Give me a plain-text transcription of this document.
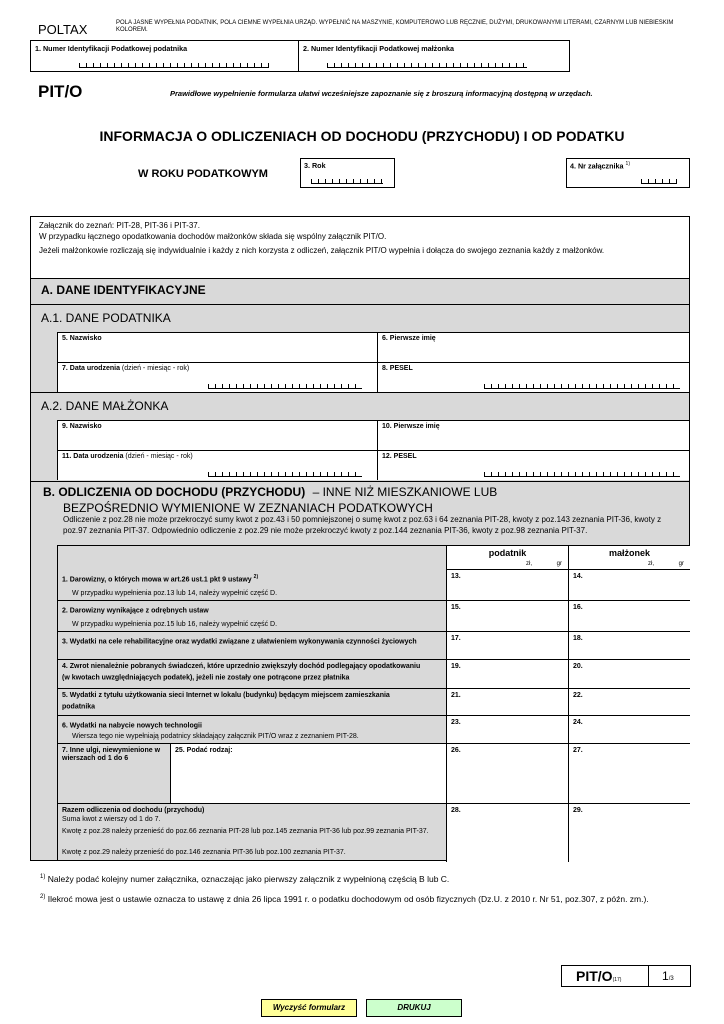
POLTAX	POLA JASNE WYPEŁNIA PODATNIK, POLA CIEMNE WYPEŁNIA URZĄD. WYPEŁNIĆ NA MASZYNIE, KOMPUTEROWO LUB RĘCZNIE, DUŻYMI, DRUKOWANYMI LITERAMI, CZARNYM LUB NIEBIESKIM KOLOREM.
1. Numer Identyfikacji Podatkowej podatnika	2. Numer Identyfikacji Podatkowej małżonka
PIT/O	Prawidłowe wypełnienie formularza ułatwi wcześniejsze zapoznanie się z broszurą informacyjną dostępną w urzędach.
INFORMACJA O ODLICZENIACH OD DOCHODU (PRZYCHODU) I OD PODATKU
W ROKU PODATKOWYM
3. Rok	4. Nr załącznika $^{1)}$
Załącznik do zeznań: PIT-28, PIT-36 i PIT-37.
W przypadku łącznego opodatkowania dochodów małżonków składa się wspólny załącznik PIT/O.
Jeżeli małżonkowie rozliczają się indywidualnie i każdy z nich korzysta z odliczeń, załącznik PIT/O wypełnia i dołącza do swojego zeznania każdy z małżonków.
A. DANE IDENTYFIKACYJNE
A.1. DANE PODATNIKA
5. Nazwisko	6. Pierwsze imię
7. Data urodzenia (dzień - miesiąc - rok)	8. PESEL
A.2. DANE MAŁŻONKA
9. Nazwisko	10. Pierwsze imię
11. Data urodzenia (dzień - miesiąc - rok)	12. PESEL
B. ODLICZENIA OD DOCHODU (PRZYCHODU) – INNE NIŻ MIESZKANIOWE LUB
BEZPOŚREDNIO WYMIENIONE W ZEZNANIACH PODATKOWYCH
Odliczenie z poz.28 nie może przekroczyć sumy kwot z poz.43 i 50 pomniejszonej o sumę kwot z poz.63 i 64 zeznania PIT-28, kwoty z poz.143 zeznania PIT-36, kwoty z poz.97 zeznania PIT-37. Odpowiednio odliczenie z poz.29 nie może przekroczyć kwoty z poz.144 zeznania PIT-36, kwoty z poz.98 zeznania PIT-37.
podatnik
zł,	gr
małżonek
zł,	gr
1. Darowizny, o których mowa w art.26 ust.1 pkt 9 ustawy $^{2)}$
W przypadku wypełnienia poz.13 lub 14, należy wypełnić część D.
13.	14.
2. Darowizny wynikające z odrębnych ustaw
W przypadku wypełnienia poz.15 lub 16, należy wypełnić część D.
15.	16.
3. Wydatki na cele rehabilitacyjne oraz wydatki związane z ułatwieniem wykonywania czynności życiowych	17.	18.
4. Zwrot nienależnie pobranych świadczeń, które uprzednio zwiększyły dochód podlegający opodatkowaniu (w kwotach uwzględniających podatek), jeżeli nie zostały one potrącone przez płatnika
19.	20.
5. Wydatki z tytułu użytkowania sieci Internet w lokalu (budynku) będącym miejscem zamieszkania podatnika
21.	22.
6. Wydatki na nabycie nowych technologii
Wiersza tego nie wypełniają podatnicy składający załącznik PIT/O wraz z zeznaniem PIT-28.
23.	24.
7. Inne ulgi, niewymienione w wierszach od 1 do 6
25. Podać rodzaj:	26.	27.
Razem odliczenia od dochodu (przychodu)
Suma kwot z wierszy od 1 do 7.
Kwotę z poz.28 należy przenieść do poz.66 zeznania PIT-28 lub poz.145 zeznania PIT-36 lub poz.99 zeznania PIT-37.
Kwotę z poz.29 należy przenieść do poz.146 zeznania PIT-36 lub poz.100 zeznania PIT-37.
28.	29.
$^{1)}$ Należy podać kolejny numer załącznika, oznaczając jako pierwszy załącznik z wypełnioną częścią B lub C.
$^{2)}$ Ilekroć mowa jest o ustawie oznacza to ustawę z dnia 26 lipca 1991 r. o podatku dochodowym od osób fizycznych (Dz.U. z 2010 r. Nr 51, poz.307, z późn. zm.).
PIT/O(17)	1/3
Wyczyść formularz	DRUKUJ
